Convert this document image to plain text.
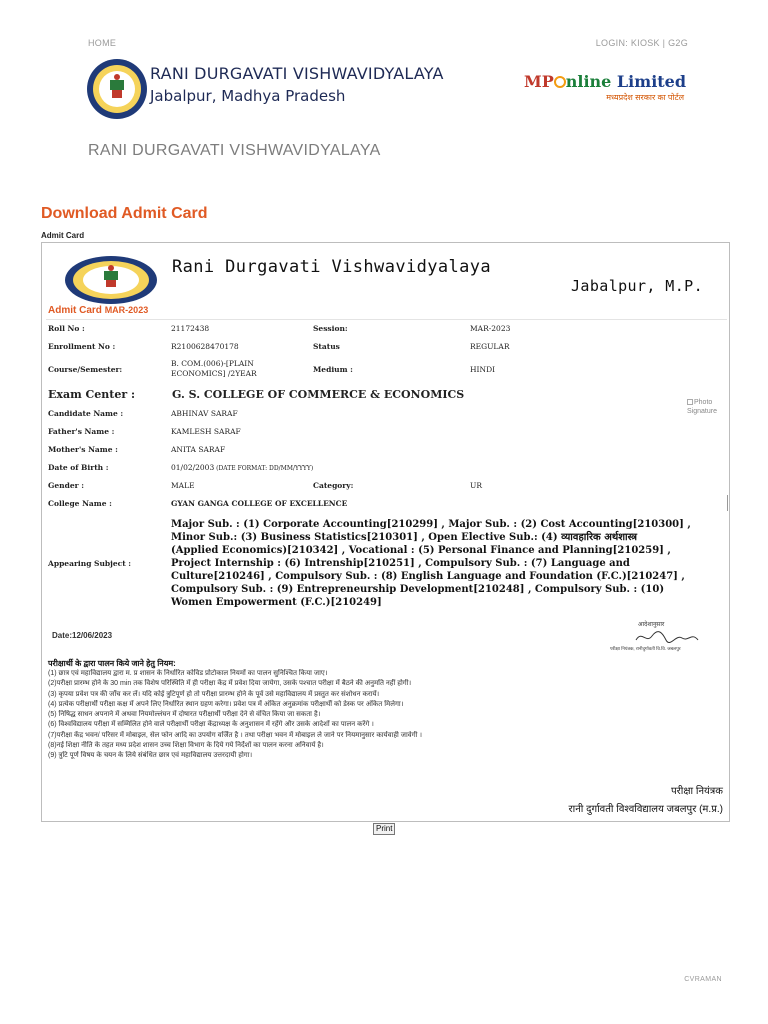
HOME	LOGIN: KIOSK | G2G
RANI DURGAVATI VISHWAVIDYALAYA
Jabalpur, Madhya Pradesh
MP nline Limited
मध्यप्रदेश सरकार का पोर्टल
RANI DURGAVATI VISHWAVIDYALAYA
Download Admit Card
Admit Card
Rani Durgavati Vishwavidyalaya
Jabalpur, M.P.
Admit Card MAR-2023
Roll No :	21172438	Session:	MAR-2023
Enrollment No :	R2100628470178	Status	REGULAR
Course/Semester:
B. COM.(006)-[PLAIN
ECONOMICS] /2YEAR	Medium :	HINDI
Exam Center :	G. S. COLLEGE OF COMMERCE & ECONOMICS
Photo
Signature
Candidate Name :	ABHINAV SARAF
Father's Name :	KAMLESH SARAF
Mother's Name :	ANITA SARAF
Date of Birth :	01/02/2003 (DATE FORMAT: DD/MM/YYYY)
Gender :	MALE	Category:	UR
College Name :	GYAN GANGA COLLEGE OF EXCELLENCE
Appearing Subject :
Major Sub. : (1) Corporate Accounting[210299] , Major Sub. : (2) Cost Accounting[210300] ,
Minor Sub.: (3) Business Statistics[210301] , Open Elective Sub.: (4) व्यावहारिक अर्थशास्त्र
(Applied Economics)[210342] , Vocational : (5) Personal Finance and Planning[210259] ,
Project Internship : (6) Intrenship[210251] , Compulsory Sub. : (7) Language and
Culture[210246] , Compulsory Sub. : (8) English Language and Foundation (F.C.)[210247] ,
Compulsory Sub. : (9) Entrepreneurship Development[210248] , Compulsory Sub. : (10)
Women Empowerment (F.C.)[210249]
Date:12/06/2023
आदेशानुसार
परीक्षा नियंत्रक, रानीदुर्गावती वि.वि. जबलपुर
परीक्षार्थी के द्वारा पालन किये जाने हेतु नियम:
(1) छात्र एवं महाविद्यालय द्वारा म. प्र शासन के निर्धारित कोविड प्रोटोकाल नियमों का पालन सुनिश्चित किया जाए।
(2)परीक्षा प्रारम्भ होने के 30 min तक विशेष परिस्थिति में ही परीक्षा केंद्र में प्रवेश दिया जायेगा, उसके पश्चात परीक्षा में बैठने की अनुमति नहीं होगी।
(3) कृपया प्रवेश पत्र की जाँच कर लें। यदि कोई त्रुटिपूर्ण हो तो परीक्षा प्रारम्भ होने के पूर्व उसे महाविद्यालय में प्रस्तुत कर संशोधन करायें।
(4) प्रत्येक परीक्षार्थी परीक्षा कक्ष में अपने लिए निर्धारित स्थान ग्रहण करेगा। प्रवेश पत्र में अंकित अनुक्रमांक परीक्षार्थी को डेस्क पर अंकित मिलेगा।
(5) निषिद्ध साधन अपनाने में अथवा नियमोल्लंघन में दोषारत परीक्षार्थी परीक्षा देने से वंचित किया जा सकता है।
(6) विश्वविद्यालय परीक्षा में सम्मिलित होने वाले परीक्षार्थी परीक्षा केंद्राध्यक्ष के अनुशासन में रहेंगे और उसके आदेशों का पालन करेंगे ।
(7)परीक्षा केंद्र भवन/ परिसर में मोबाइल, सेल फोन आदि का उपयोग वर्जित है । तथा परीक्षा भवन में मोबाइल ले जाने पर नियमानुसार कार्यवाही जावेगी ।
(8)नई शिक्षा नीति के तहत मध्य प्रदेश शासन उच्च शिक्षा विभाग के दिये गये निर्देशों का पालन करना अनिवार्य है।
(9) त्रुटि पूर्ण विषय के चयन के लिये संबंधित छात्र एवं महाविद्यालय उत्तरदायी होगा।
परीक्षा नियंत्रक
रानी दुर्गावती विश्वविद्यालय जबलपुर (म.प्र.)
Print
CVRAMAN
